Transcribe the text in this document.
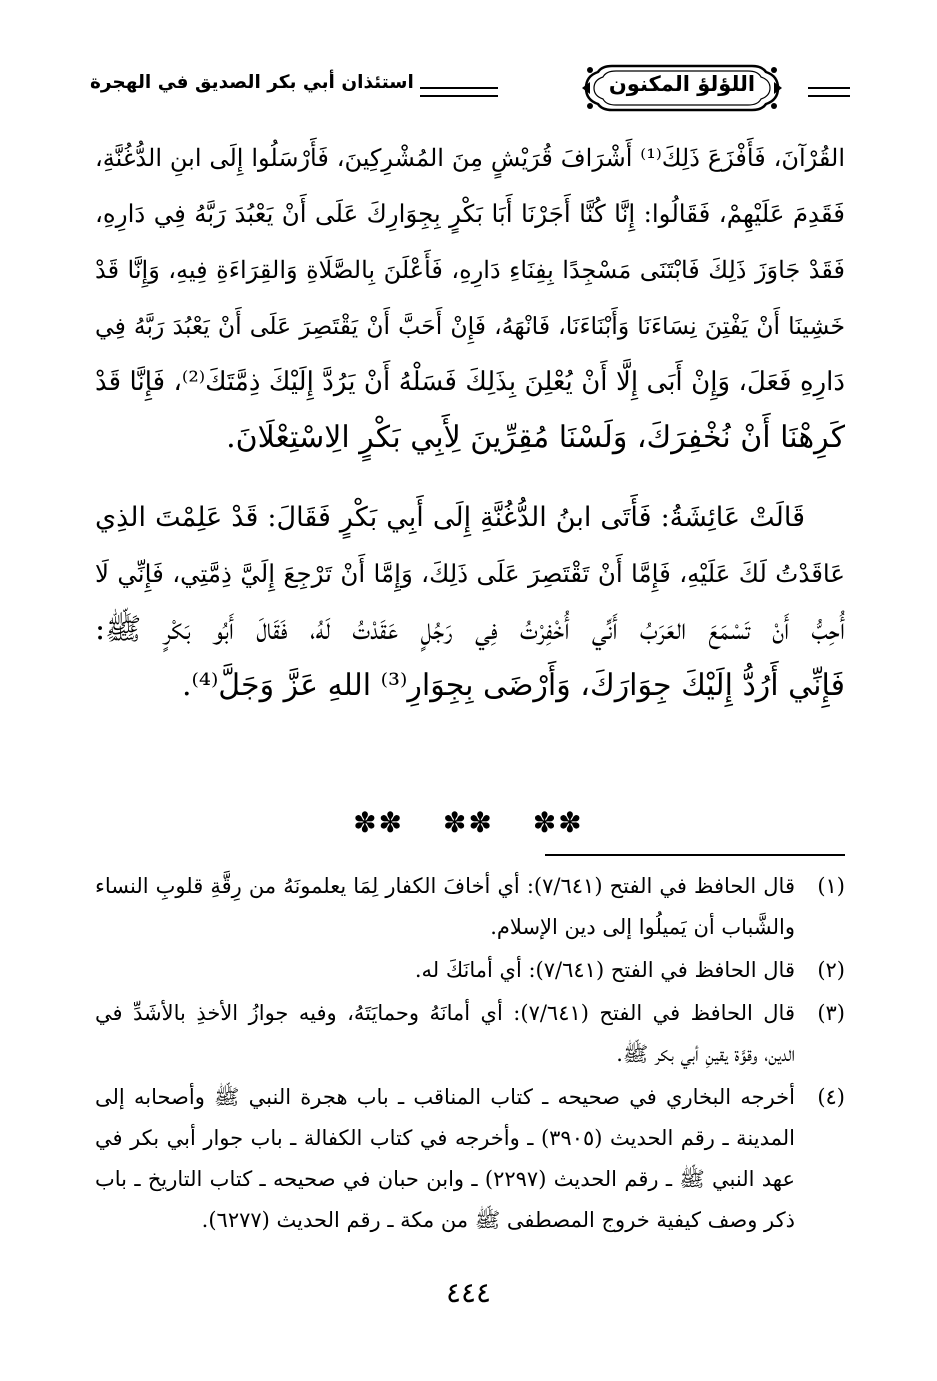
اللؤلؤ المكنون
استئذان أبي بكر الصديق في الهجرة
القُرْآنَ، فَأَفْزَعَ ذَلِكَ⁽¹⁾ أَشْرَافَ قُرَيْشٍ مِنَ المُشْرِكِينَ، فَأَرْسَلُوا إِلَى ابنِ الدُّغُنَّةِ،
فَقَدِمَ عَلَيْهِمْ، فَقَالُوا: إِنَّا كُنَّا أَجَرْنَا أَبَا بَكْرٍ بِجِوَارِكَ عَلَى أَنْ يَعْبُدَ رَبَّهُ فِي دَارِهِ،
فَقَدْ جَاوَزَ ذَلِكَ فَابْتَنَى مَسْجِدًا بِفِنَاءِ دَارِهِ، فَأَعْلَنَ بِالصَّلَاةِ وَالقِرَاءَةِ فِيهِ، وَإِنَّا قَدْ
خَشِينَا أَنْ يَفْتِنَ نِسَاءَنَا وَأَبْنَاءَنَا، فَانْهَهُ، فَإِنْ أَحَبَّ أَنْ يَقْتَصِرَ عَلَى أَنْ يَعْبُدَ رَبَّهُ فِي
دَارِهِ فَعَلَ، وَإِنْ أَبَى إِلَّا أَنْ يُعْلِنَ بِذَلِكَ فَسَلْهُ أَنْ يَرُدَّ إِلَيْكَ ذِمَّتَكَ⁽²⁾، فَإِنَّا قَدْ
كَرِهْنَا أَنْ نُخْفِرَكَ، وَلَسْنَا مُقِرِّينَ لِأَبِي بَكْرٍ الِاسْتِعْلَانَ.
قَالَتْ عَائِشَةُ: فَأَتَى ابنُ الدُّغُنَّةِ إِلَى أَبِي بَكْرٍ فَقَالَ: قَدْ عَلِمْتَ الذِي
عَاقَدْتُ لَكَ عَلَيْهِ، فَإِمَّا أَنْ تَقْتَصِرَ عَلَى ذَلِكَ، وَإِمَّا أَنْ تَرْجِعَ إِلَيَّ ذِمَّتِي، فَإِنِّي لَا
أُحِبُّ أَنْ تَسْمَعَ العَرَبُ أَنِّي أُخْفِرْتُ فِي رَجُلٍ عَقَدْتُ لَهُ، فَقَالَ أَبُو بَكْرٍ ﷺ:
فَإِنِّي أَرُدُّ إِلَيْكَ جِوَارَكَ، وَأَرْضَى بِجِوَارِ⁽³⁾ اللهِ عَزَّ وَجَلَّ⁽⁴⁾.
✽✽ ✽✽ ✽✽
(١)
قال الحافظ في الفتح (٧/٦٤١): أي أخافَ الكفار لِمَا يعلمونَهُ من رِقَّةِ قلوبِ النساء
والشَّباب أن يَميلُوا إلى دين الإسلام.
(٢)
قال الحافظ في الفتح (٧/٦٤١): أي أمانَكَ له.
(٣)
قال الحافظ في الفتح (٧/٦٤١): أي أمانَهُ وحمايَتَهُ، وفيه جوازُ الأخذِ بالأشَدِّ في
الدين، وقوَّة يقينِ أبي بكر ﷺ.
(٤)
أخرجه البخاري في صحيحه ـ كتاب المناقب ـ باب هجرة النبي ﷺ وأصحابه إلى
المدينة ـ رقم الحديث (٣٩٠٥) ـ وأخرجه في كتاب الكفالة ـ باب جوار أبي بكر في
عهد النبي ﷺ ـ رقم الحديث (٢٢٩٧) ـ وابن حبان في صحيحه ـ كتاب التاريخ ـ باب
ذكر وصف كيفية خروج المصطفى ﷺ من مكة ـ رقم الحديث (٦٢٧٧).
٤٤٤
